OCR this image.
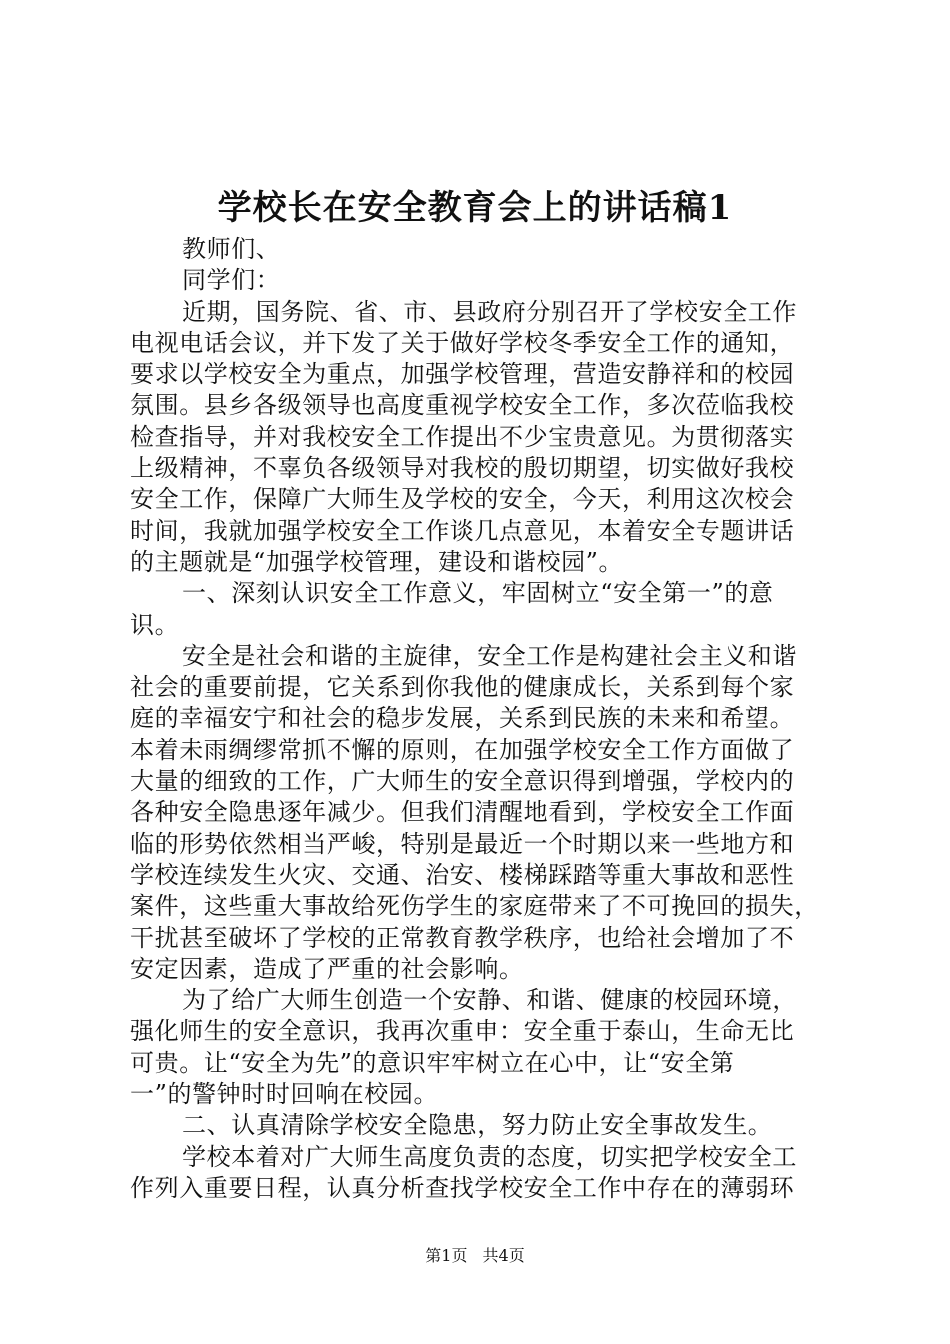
学校长在安全教育会上的讲话稿1
教师们、
同学们：
近期，国务院、省、市、县政府分别召开了学校安全工作
电视电话会议，并下发了关于做好学校冬季安全工作的通知，
要求以学校安全为重点，加强学校管理，营造安静祥和的校园
氛围。县乡各级领导也高度重视学校安全工作，多次莅临我校
检查指导，并对我校安全工作提出不少宝贵意见。为贯彻落实
上级精神，不辜负各级领导对我校的殷切期望，切实做好我校
安全工作，保障广大师生及学校的安全，今天，利用这次校会
时间，我就加强学校安全工作谈几点意见，本着安全专题讲话
的主题就是“加强学校管理，建设和谐校园”。
一、深刻认识安全工作意义，牢固树立“安全第一”的意
识。
安全是社会和谐的主旋律，安全工作是构建社会主义和谐
社会的重要前提，它关系到你我他的健康成长，关系到每个家
庭的幸福安宁和社会的稳步发展，关系到民族的未来和希望。
本着未雨绸缪常抓不懈的原则，在加强学校安全工作方面做了
大量的细致的工作，广大师生的安全意识得到增强，学校内的
各种安全隐患逐年减少。但我们清醒地看到，学校安全工作面
临的形势依然相当严峻，特别是最近一个时期以来一些地方和
学校连续发生火灾、交通、治安、楼梯踩踏等重大事故和恶性
案件，这些重大事故给死伤学生的家庭带来了不可挽回的损失，
干扰甚至破坏了学校的正常教育教学秩序，也给社会增加了不
安定因素，造成了严重的社会影响。
为了给广大师生创造一个安静、和谐、健康的校园环境，
强化师生的安全意识，我再次重申：安全重于泰山，生命无比
可贵。让“安全为先”的意识牢牢树立在心中，让“安全第
一”的警钟时时回响在校园。
二、认真清除学校安全隐患，努力防止安全事故发生。
学校本着对广大师生高度负责的态度，切实把学校安全工
作列入重要日程，认真分析查找学校安全工作中存在的薄弱环
第1页 共4页
